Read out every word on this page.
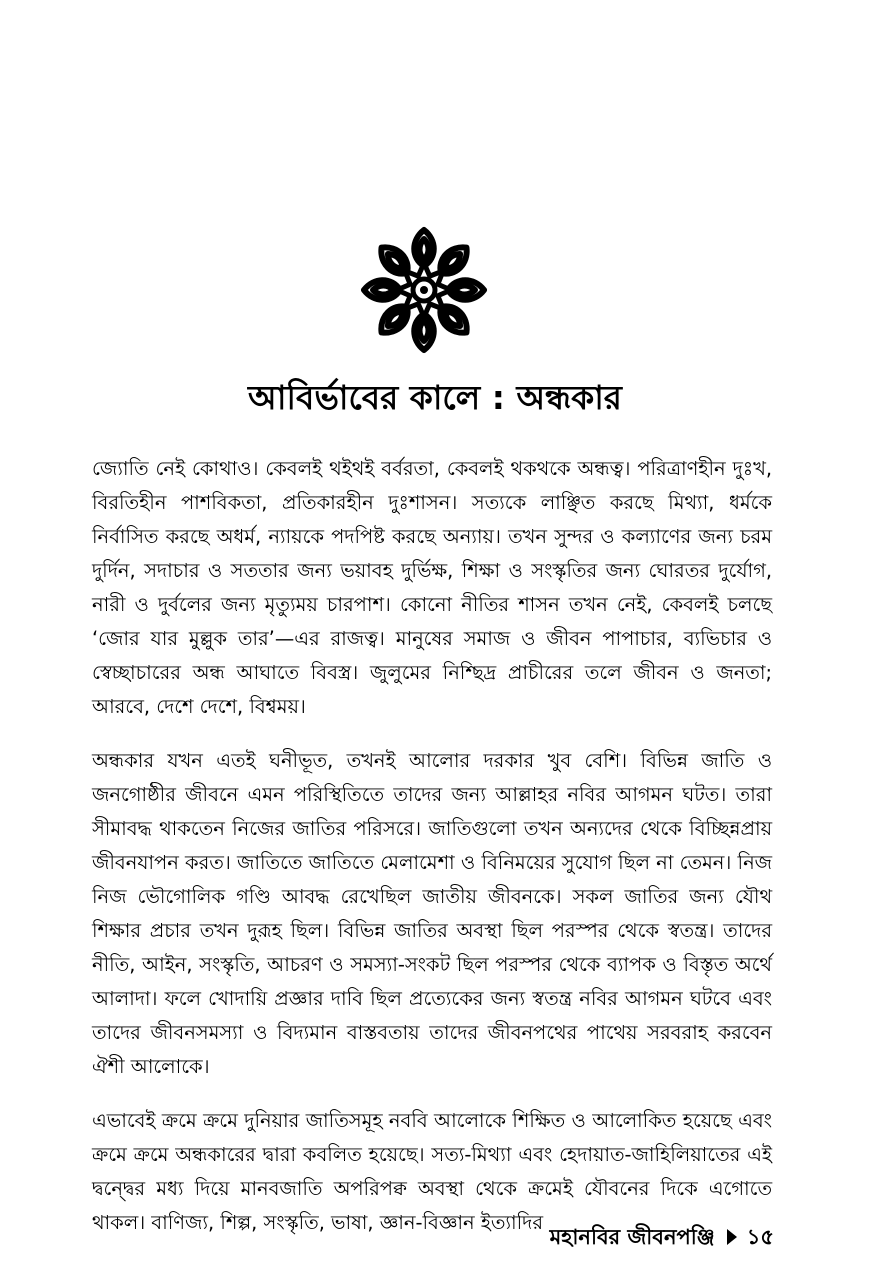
আবির্ভাবের কালে : অন্ধকার

জ্যোতি নেই কোথাও। কেবলই থইথই বর্বরতা, কেবলই থকথকে অন্ধত্ব। পরিত্রাণহীন দুঃখ, বিরতিহীন পাশবিকতা, প্রতিকারহীন দুঃশাসন। সত্যকে লাঞ্ছিত করছে মিথ্যা, ধর্মকে নির্বাসিত করছে অধর্ম, ন্যায়কে পদপিষ্ট করছে অন্যায়। তখন সুন্দর ও কল্যাণের জন্য চরম দুর্দিন, সদাচার ও সততার জন্য ভয়াবহ দুর্ভিক্ষ, শিক্ষা ও সংস্কৃতির জন্য ঘোরতর দুর্যোগ, নারী ও দুর্বলের জন্য মৃত্যুময় চারপাশ। কোনো নীতির শাসন তখন নেই, কেবলই চলছে ‘জোর যার মুল্লুক তার’—এর রাজত্ব। মানুষের সমাজ ও জীবন পাপাচার, ব্যভিচার ও স্বেচ্ছাচারের অন্ধ আঘাতে বিবস্ত্র। জুলুমের নিশ্ছিদ্র প্রাচীরের তলে জীবন ও জনতা; আরবে, দেশে দেশে, বিশ্বময়।

অন্ধকার যখন এতই ঘনীভূত, তখনই আলোর দরকার খুব বেশি। বিভিন্ন জাতি ও জনগোষ্ঠীর জীবনে এমন পরিস্থিতিতে তাদের জন্য আল্লাহর নবির আগমন ঘটত। তারা সীমাবদ্ধ থাকতেন নিজের জাতির পরিসরে। জাতিগুলো তখন অন্যদের থেকে বিচ্ছিন্নপ্রায় জীবনযাপন করত। জাতিতে জাতিতে মেলামেশা ও বিনিময়ের সুযোগ ছিল না তেমন। নিজ নিজ ভৌগোলিক গণ্ডি আবদ্ধ রেখেছিল জাতীয় জীবনকে। সকল জাতির জন্য যৌথ শিক্ষার প্রচার তখন দুরূহ ছিল। বিভিন্ন জাতির অবস্থা ছিল পরস্পর থেকে স্বতন্ত্র। তাদের নীতি, আইন, সংস্কৃতি, আচরণ ও সমস্যা-সংকট ছিল পরস্পর থেকে ব্যাপক ও বিস্তৃত অর্থে আলাদা। ফলে খোদায়ি প্রজ্ঞার দাবি ছিল প্রত্যেকের জন্য স্বতন্ত্র নবির আগমন ঘটবে এবং তাদের জীবনসমস্যা ও বিদ্যমান বাস্তবতায় তাদের জীবনপথের পাথেয় সরবরাহ করবেন ঐশী আলোকে।

এভাবেই ক্রমে ক্রমে দুনিয়ার জাতিসমূহ নববি আলোকে শিক্ষিত ও আলোকিত হয়েছে এবং ক্রমে ক্রমে অন্ধকারের দ্বারা কবলিত হয়েছে। সত্য-মিথ্যা এবং হেদায়াত-জাহিলিয়াতের এই দ্বন্দ্বের মধ্য দিয়ে মানবজাতি অপরিপক্ব অবস্থা থেকে ক্রমেই যৌবনের দিকে এগোতে থাকল। বাণিজ্য, শিল্প, সংস্কৃতি, ভাষা, জ্ঞান-বিজ্ঞান ইত্যাদির

মহানবির জীবনপঞ্জি ১৫
